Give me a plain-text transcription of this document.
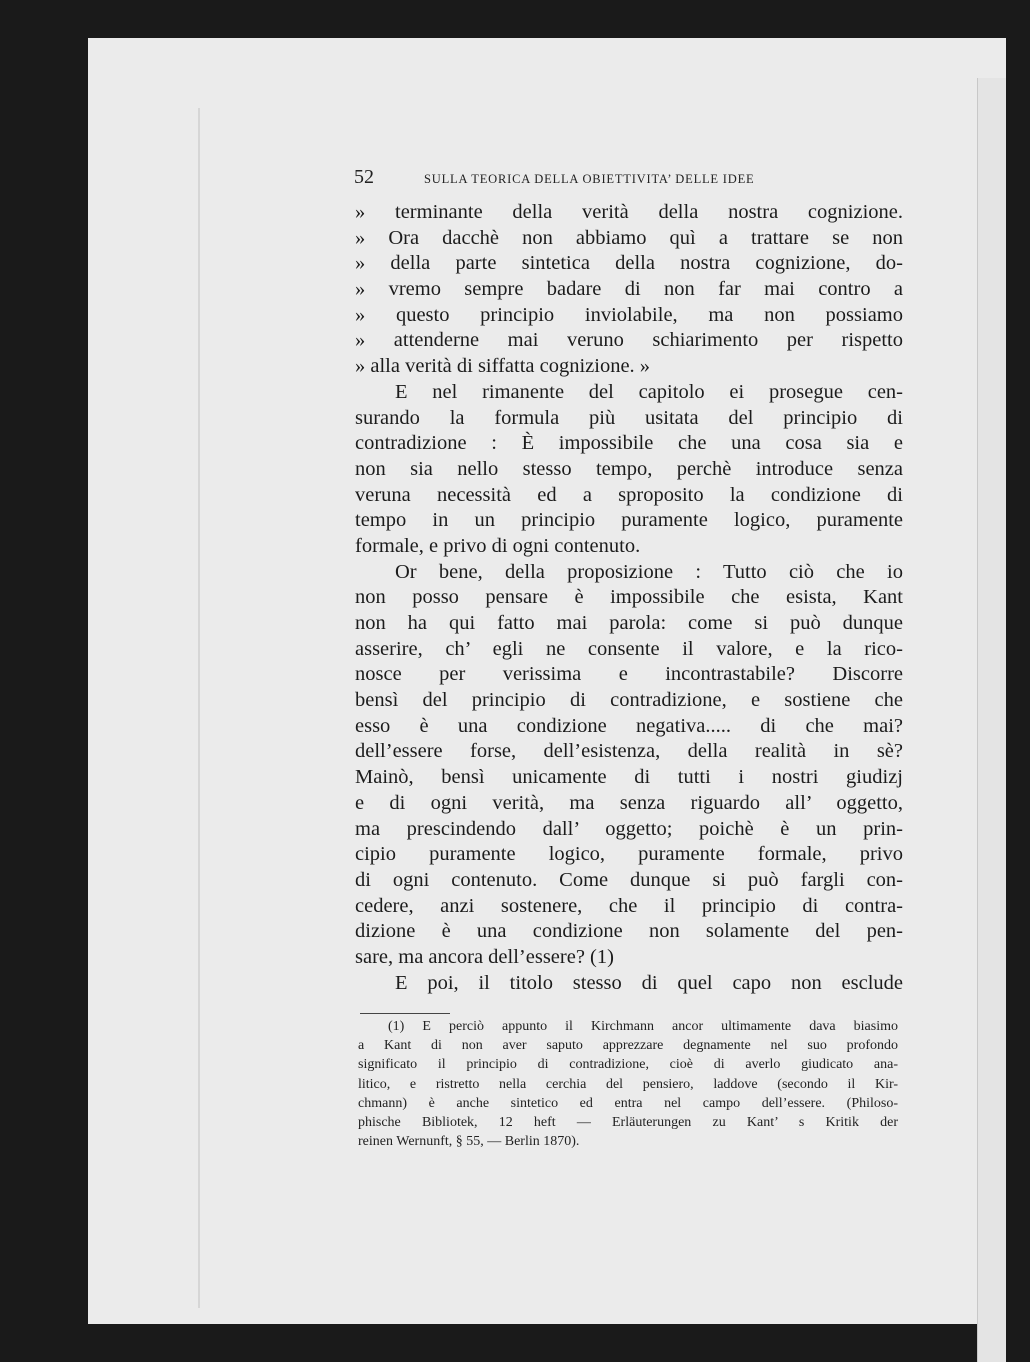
52	SULLA TEORICA DELLA OBIETTIVITA’ DELLE IDEE
» terminante della verità della nostra cognizione.
» Ora dacchè non abbiamo quì a trattare se non
» della parte sintetica della nostra cognizione, do-
» vremo sempre badare di non far mai contro a
» questo principio inviolabile, ma non possiamo
» attenderne mai veruno schiarimento per rispetto
» alla verità di siffatta cognizione. »
E nel rimanente del capitolo ei prosegue cen-
surando la formula più usitata del principio di
contradizione : È impossibile che una cosa sia e
non sia nello stesso tempo, perchè introduce senza
veruna necessità ed a sproposito la condizione di
tempo in un principio puramente logico, puramente
formale, e privo di ogni contenuto.
Or bene, della proposizione : Tutto ciò che io
non posso pensare è impossibile che esista, Kant
non ha qui fatto mai parola: come si può dunque
asserire, ch’ egli ne consente il valore, e la rico-
nosce per verissima e incontrastabile? Discorre
bensì del principio di contradizione, e sostiene che
esso è una condizione negativa..... di che mai?
dell’essere forse, dell’esistenza, della realità in sè?
Mainò, bensì unicamente di tutti i nostri giudizj
e di ogni verità, ma senza riguardo all’ oggetto,
ma prescindendo dall’ oggetto; poichè è un prin-
cipio puramente logico, puramente formale, privo
di ogni contenuto. Come dunque si può fargli con-
cedere, anzi sostenere, che il principio di contra-
dizione è una condizione non solamente del pen-
sare, ma ancora dell’essere? (1)
E poi, il titolo stesso di quel capo non esclude
(1) E perciò appunto il Kirchmann ancor ultimamente dava biasimo
a Kant di non aver saputo apprezzare degnamente nel suo profondo
significato il principio di contradizione, cioè di averlo giudicato ana-
litico, e ristretto nella cerchia del pensiero, laddove (secondo il Kir-
chmann) è anche sintetico ed entra nel campo dell’essere. (Philoso-
phische Bibliotek, 12 heft — Erläuterungen zu Kant’ s Kritik der
reinen Wernunft, § 55, — Berlin 1870).
